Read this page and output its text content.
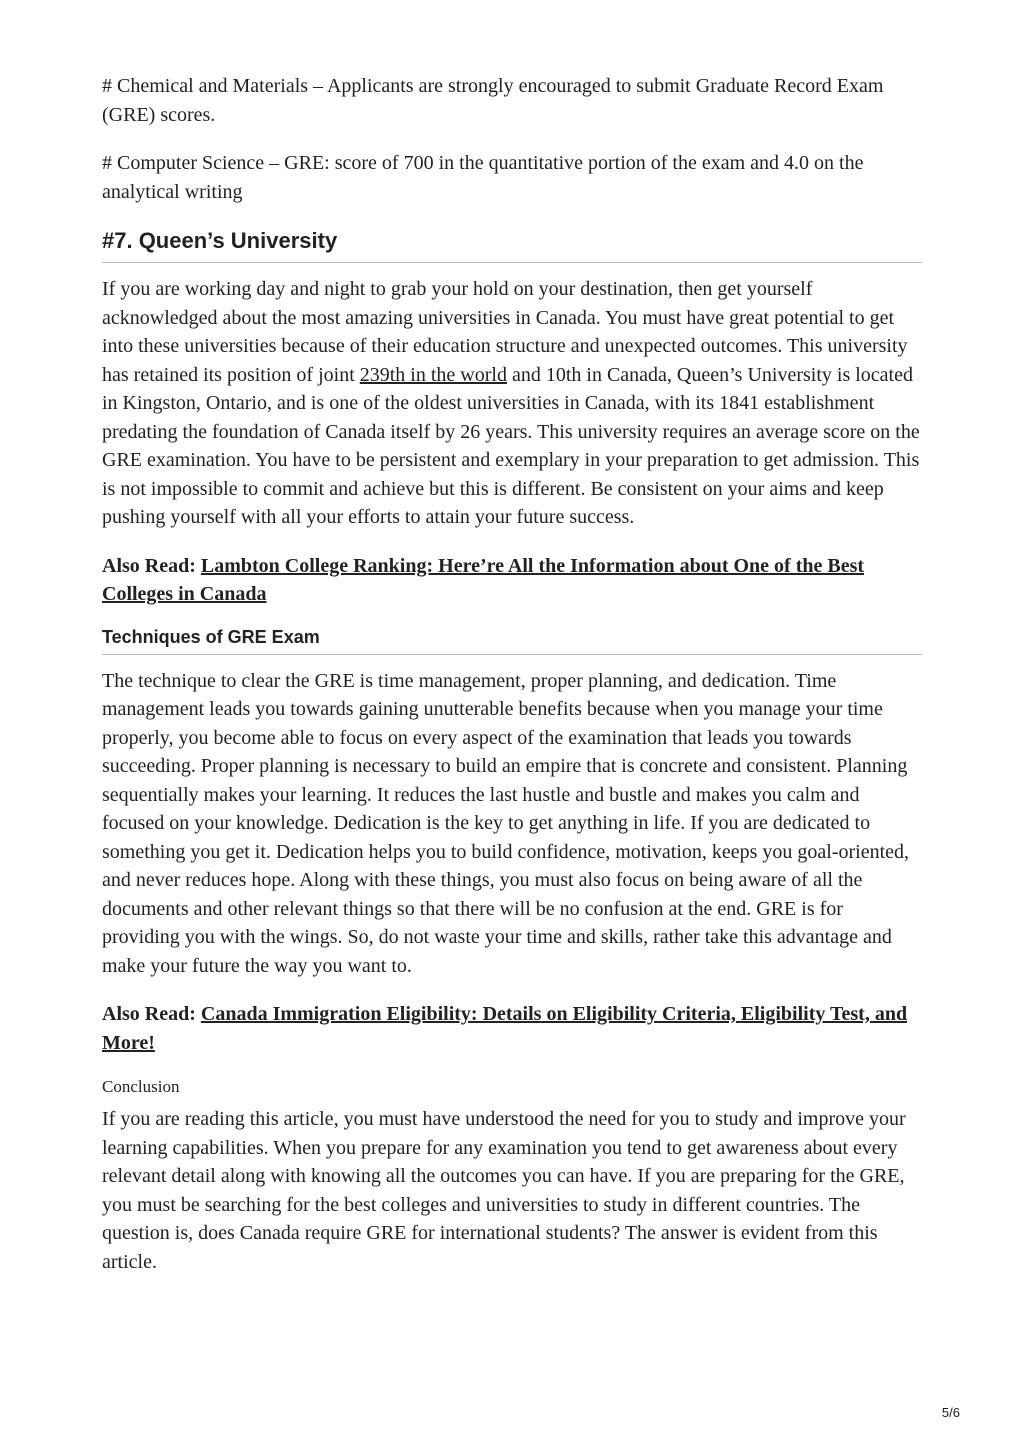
# Chemical and Materials – Applicants are strongly encouraged to submit Graduate Record Exam (GRE) scores.

# Computer Science – GRE: score of 700 in the quantitative portion of the exam and 4.0 on the analytical writing

#7. Queen’s University

If you are working day and night to grab your hold on your destination, then get yourself acknowledged about the most amazing universities in Canada. You must have great potential to get into these universities because of their education structure and unexpected outcomes. This university has retained its position of joint 239th in the world and 10th in Canada, Queen’s University is located in Kingston, Ontario, and is one of the oldest universities in Canada, with its 1841 establishment predating the foundation of Canada itself by 26 years. This university requires an average score on the GRE examination. You have to be persistent and exemplary in your preparation to get admission. This is not impossible to commit and achieve but this is different. Be consistent on your aims and keep pushing yourself with all your efforts to attain your future success.

Also Read: Lambton College Ranking: Here’re All the Information about One of the Best Colleges in Canada

Techniques of GRE Exam

The technique to clear the GRE is time management, proper planning, and dedication. Time management leads you towards gaining unutterable benefits because when you manage your time properly, you become able to focus on every aspect of the examination that leads you towards succeeding. Proper planning is necessary to build an empire that is concrete and consistent. Planning sequentially makes your learning. It reduces the last hustle and bustle and makes you calm and focused on your knowledge. Dedication is the key to get anything in life. If you are dedicated to something you get it. Dedication helps you to build confidence, motivation, keeps you goal-oriented, and never reduces hope. Along with these things, you must also focus on being aware of all the documents and other relevant things so that there will be no confusion at the end. GRE is for providing you with the wings. So, do not waste your time and skills, rather take this advantage and make your future the way you want to.

Also Read: Canada Immigration Eligibility: Details on Eligibility Criteria, Eligibility Test, and More!

Conclusion

If you are reading this article, you must have understood the need for you to study and improve your learning capabilities. When you prepare for any examination you tend to get awareness about every relevant detail along with knowing all the outcomes you can have. If you are preparing for the GRE, you must be searching for the best colleges and universities to study in different countries. The question is, does Canada require GRE for international students? The answer is evident from this article.

5/6
